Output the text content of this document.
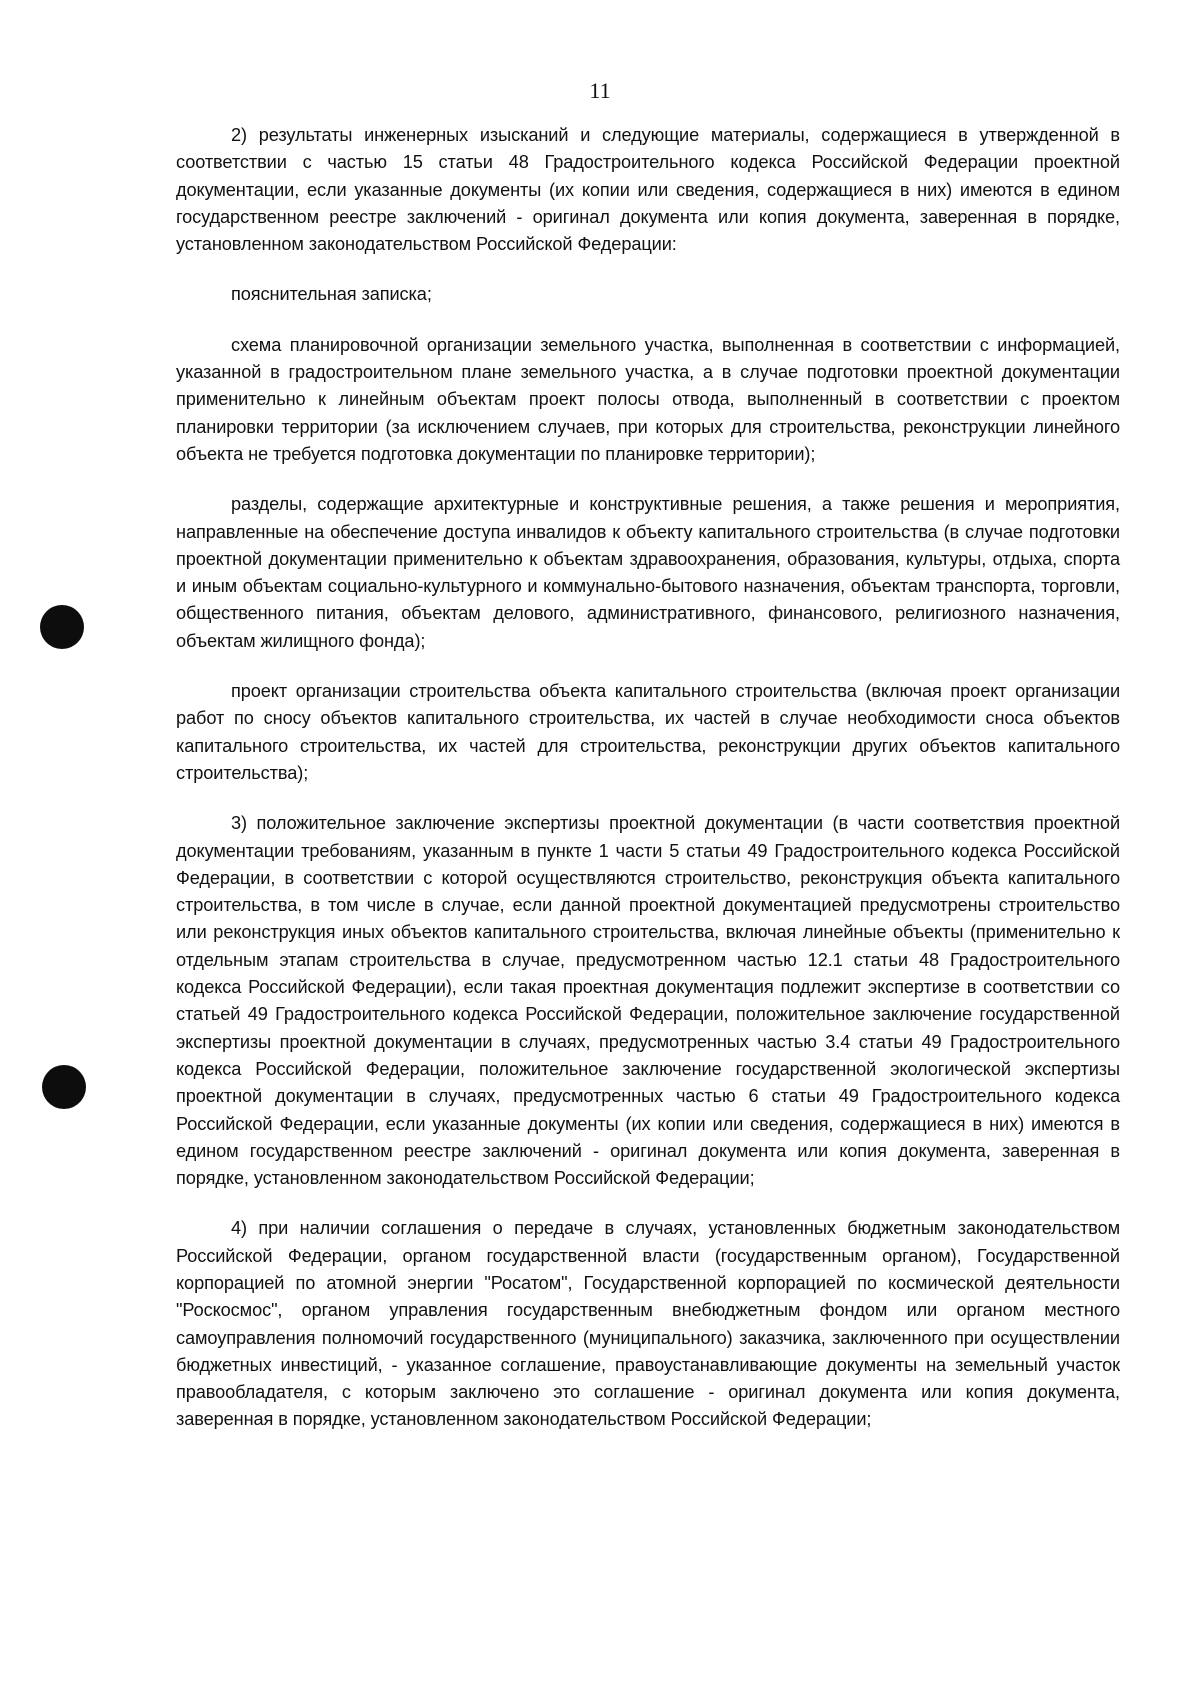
11

2) результаты инженерных изысканий и следующие материалы, содержащиеся в утвержденной в соответствии с частью 15 статьи 48 Градостроительного кодекса Российской Федерации проектной документации, если указанные документы (их копии или сведения, содержащиеся в них) имеются в едином государственном реестре заключений - оригинал документа или копия документа, заверенная в порядке, установленном законодательством Российской Федерации:

пояснительная записка;

схема планировочной организации земельного участка, выполненная в соответствии с информацией, указанной в градостроительном плане земельного участка, а в случае подготовки проектной документации применительно к линейным объектам проект полосы отвода, выполненный в соответствии с проектом планировки территории (за исключением случаев, при которых для строительства, реконструкции линейного объекта не требуется подготовка документации по планировке территории);

разделы, содержащие архитектурные и конструктивные решения, а также решения и мероприятия, направленные на обеспечение доступа инвалидов к объекту капитального строительства (в случае подготовки проектной документации применительно к объектам здравоохранения, образования, культуры, отдыха, спорта и иным объектам социально-культурного и коммунально-бытового назначения, объектам транспорта, торговли, общественного питания, объектам делового, административного, финансового, религиозного назначения, объектам жилищного фонда);

проект организации строительства объекта капитального строительства (включая проект организации работ по сносу объектов капитального строительства, их частей в случае необходимости сноса объектов капитального строительства, их частей для строительства, реконструкции других объектов капитального строительства);

3) положительное заключение экспертизы проектной документации (в части соответствия проектной документации требованиям, указанным в пункте 1 части 5 статьи 49 Градостроительного кодекса Российской Федерации, в соответствии с которой осуществляются строительство, реконструкция объекта капитального строительства, в том числе в случае, если данной проектной документацией предусмотрены строительство или реконструкция иных объектов капитального строительства, включая линейные объекты (применительно к отдельным этапам строительства в случае, предусмотренном частью 12.1 статьи 48 Градостроительного кодекса Российской Федерации), если такая проектная документация подлежит экспертизе в соответствии со статьей 49 Градостроительного кодекса Российской Федерации, положительное заключение государственной экспертизы проектной документации в случаях, предусмотренных частью 3.4 статьи 49 Градостроительного кодекса Российской Федерации, положительное заключение государственной экологической экспертизы проектной документации в случаях, предусмотренных частью 6 статьи 49 Градостроительного кодекса Российской Федерации, если указанные документы (их копии или сведения, содержащиеся в них) имеются в едином государственном реестре заключений - оригинал документа или копия документа, заверенная в порядке, установленном законодательством Российской Федерации;

4) при наличии соглашения о передаче в случаях, установленных бюджетным законодательством Российской Федерации, органом государственной власти (государственным органом), Государственной корпорацией по атомной энергии "Росатом", Государственной корпорацией по космической деятельности "Роскосмос", органом управления государственным внебюджетным фондом или органом местного самоуправления полномочий государственного (муниципального) заказчика, заключенного при осуществлении бюджетных инвестиций, - указанное соглашение, правоустанавливающие документы на земельный участок правообладателя, с которым заключено это соглашение - оригинал документа или копия документа, заверенная в порядке, установленном законодательством Российской Федерации;
